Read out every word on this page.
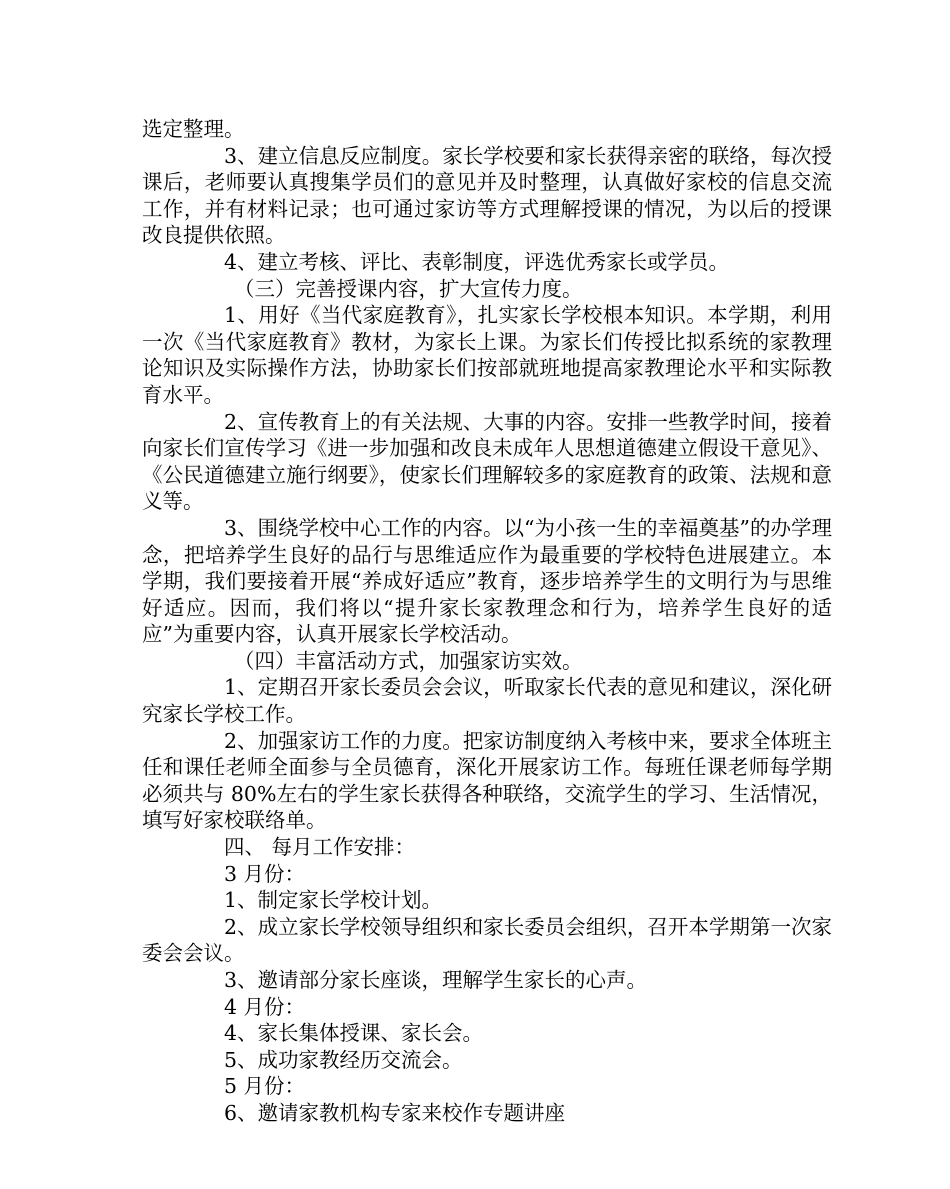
选定整理。

3、建立信息反应制度。家长学校要和家长获得亲密的联络，每次授课后，老师要认真搜集学员们的意见并及时整理，认真做好家校的信息交流工作，并有材料记录；也可通过家访等方式理解授课的情况，为以后的授课改良提供依照。

4、建立考核、评比、表彰制度，评选优秀家长或学员。

（三）完善授课内容，扩大宣传力度。

1、用好《当代家庭教育》，扎实家长学校根本知识。本学期，利用一次《当代家庭教育》教材，为家长上课。为家长们传授比拟系统的家教理论知识及实际操作方法，协助家长们按部就班地提高家教理论水平和实际教育水平。

2、宣传教育上的有关法规、大事的内容。安排一些教学时间，接着向家长们宣传学习《进一步加强和改良未成年人思想道德建立假设干意见》、《公民道德建立施行纲要》，使家长们理解较多的家庭教育的政策、法规和意义等。

3、围绕学校中心工作的内容。以“为小孩一生的幸福奠基”的办学理念，把培养学生良好的品行与思维适应作为最重要的学校特色进展建立。本学期，我们要接着开展“养成好适应”教育，逐步培养学生的文明行为与思维好适应。因而，我们将以“提升家长家教理念和行为，培养学生良好的适应”为重要内容，认真开展家长学校活动。

（四）丰富活动方式，加强家访实效。

1、定期召开家长委员会会议，听取家长代表的意见和建议，深化研究家长学校工作。

2、加强家访工作的力度。把家访制度纳入考核中来，要求全体班主任和课任老师全面参与全员德育，深化开展家访工作。每班任课老师每学期必须共与 80%左右的学生家长获得各种联络，交流学生的学习、生活情况，填写好家校联络单。

四、 每月工作安排：

3 月份：

1、制定家长学校计划。

2、成立家长学校领导组织和家长委员会组织，召开本学期第一次家委会会议。

3、邀请部分家长座谈，理解学生家长的心声。

4 月份：

4、家长集体授课、家长会。

5、成功家教经历交流会。

5 月份：

6、邀请家教机构专家来校作专题讲座
